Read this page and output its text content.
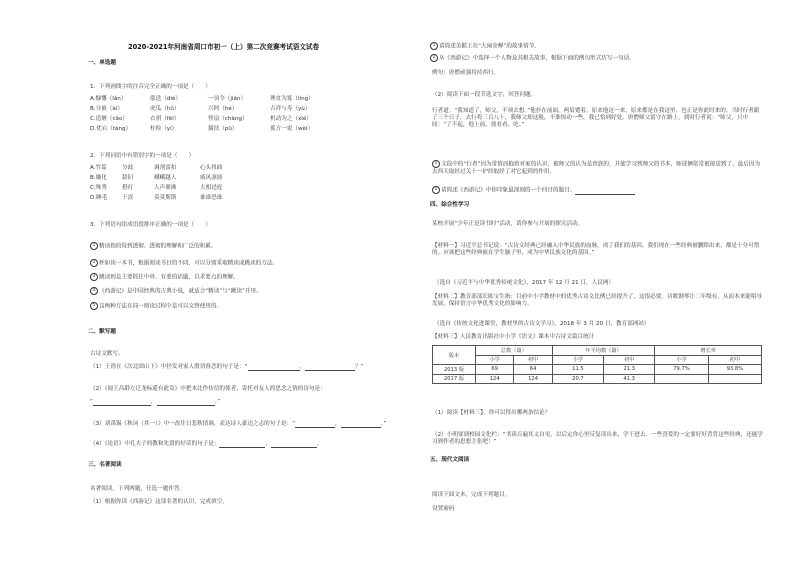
2020-2021年河南省周口市初一（上）第二次竞赛考试语文试卷
一、单选题
1．下列画线字的注音完全正确的一项是（　　）
A.慷慨（lǎn）	涨迭（dié）	一羽令（jiǎn）	理直为寡（líng）
B.分嵌（ài）	虎瓜（hǔ）	兴阿（hé）	吉祥与寿（yù）
C.造塘（cǎo）	衣祺（fēi）	怪扇（chāng）	机动为之（xié）
D.优宕（tāng）	柱检（yí）	猫扶（pū）	孤方一说（wèi）
2．下列词语中有错别字的一项是（　　）
A.竹篙	分歧	调剂雷扣	心头扭曲
B.嫌化	舔旧	峨峨越人	威风凛凛
C.殊秀	搭打	人声鼎沸	大相迳庭
D.睡毛	干涩	莫莫斯斯	谁谁恐谁
3．下列语句组成语段排序正确的一项是（　　）
1 精读指的得到透彻、透彻的理解和广泛的积累。
2 杯如读一本书，根据阅读书目的不同，可以分别采取精读或跳读的方法。
3 跳读则是主要抓住中骨、有要的话题，以求要点的理解。
4 《西游记》是中国经典的古典小说，就适合“精读”与“跳读”并用。
5 这两种方法在同一阅读过程中是可以交替使用的。
二、默写题
古诗文默写。
（1）王湾在《次北固山下》中抒发对家人殷切眷恋的句子是：“	，	？”
（2）《闻王昌龄左迁龙标遥有此寄》中把本比作传信的使者，寄托对友人的思念之情的诗句是：
“	，	。”
（3）刘禹锡《秋词（其一）》中一改往日悲秋情调，表达诗人豪迈之志的句子是：“	，	。”
（4）《论语》中孔夫子的教和先贤的好话的句子是：	，	。
三、名著阅读
名著阅读，下列两题，任选一题作答。
（1）根据你读《西游记》这部名著的认识，完成填空。
1 请简述美猴王在“大闹金蝉”的故事情节。
2 从《西游记》中选择一个人物及其相关故事，根据下面的例句形式仿写一句话。
例句：唐僧顽强持持西行。
（2）阅读下面一段节选文字，回答问题。
行者道：“我知道了，师父，不须去想。”他扑在前面，两眉蹙着。原来他这一来，原来都是在我这里，也正是你此时来的。当时行者跟了三个日子，去行将三百八十，我师父却这般，不准惊动一些，我已恰到好处。唐僧师父留守在路上，到时行者说：“师父，只中间：“了不起，他上前，使看看，吃。”
1 文段中的“行者”因为常情而抱着对家的认识，被师父的认为是贵族的，并能学习到师父的书本，师徒俩常常被接送到了，最后因为去西天取经过关十一护经取经了对它起到的作用。
2 请简述《西游记》中你印象最深刻的一个回目的题目。
四、综合性学习
某校开展“少年正是读书时”活动，请你参与开展的探究活动。
【材料一】习近平总书记说：“古诗文经典已经融入中华民族的血脉，成了我们的基因。我们现在一些经典被删除出来，都是十分可惜的。应该把这些经典嵌在学生脑子里，成为中华民族文化的基因。”
（选自《习近平与中华优秀传统文化》，2017 年 12 月 21 日，人民网）
【材料二】教育部部长陈宝生指：目前中小学教材中的优秀古诗文比例已经提升了，这很必要。诗歌钢琴让二年级有，从而本来能唱导发展，保持语言中华优秀文化的影响力。
（选自《传统文化进课堂，教材里的古诗文学习》，2018 年 3 月 20 日，教育部网站）
【材料三】人民教育出版社中小学《语文》课本中古诗文篇目统计
版本	总数（篇）		年平均数（篇）		增长率	
	小学	初中	小学	初中	小学	初中
2013 版	69	64	11.5	21.3	79.7%	93.8%
2017 版	124	124	20.7	41.3		
（1）阅读【材料三】，你可以得出哪两条结论？
（2）小明要到校园文化栏：“书读百遍其义自见，以后定你心里反复读出来，学干进去。一些喜爱的一定要好好背背这些经典，还能学习到作者的思想主张吧！”
五、现代文阅读
阅读下面文本，完成下列题目。
设置密码
